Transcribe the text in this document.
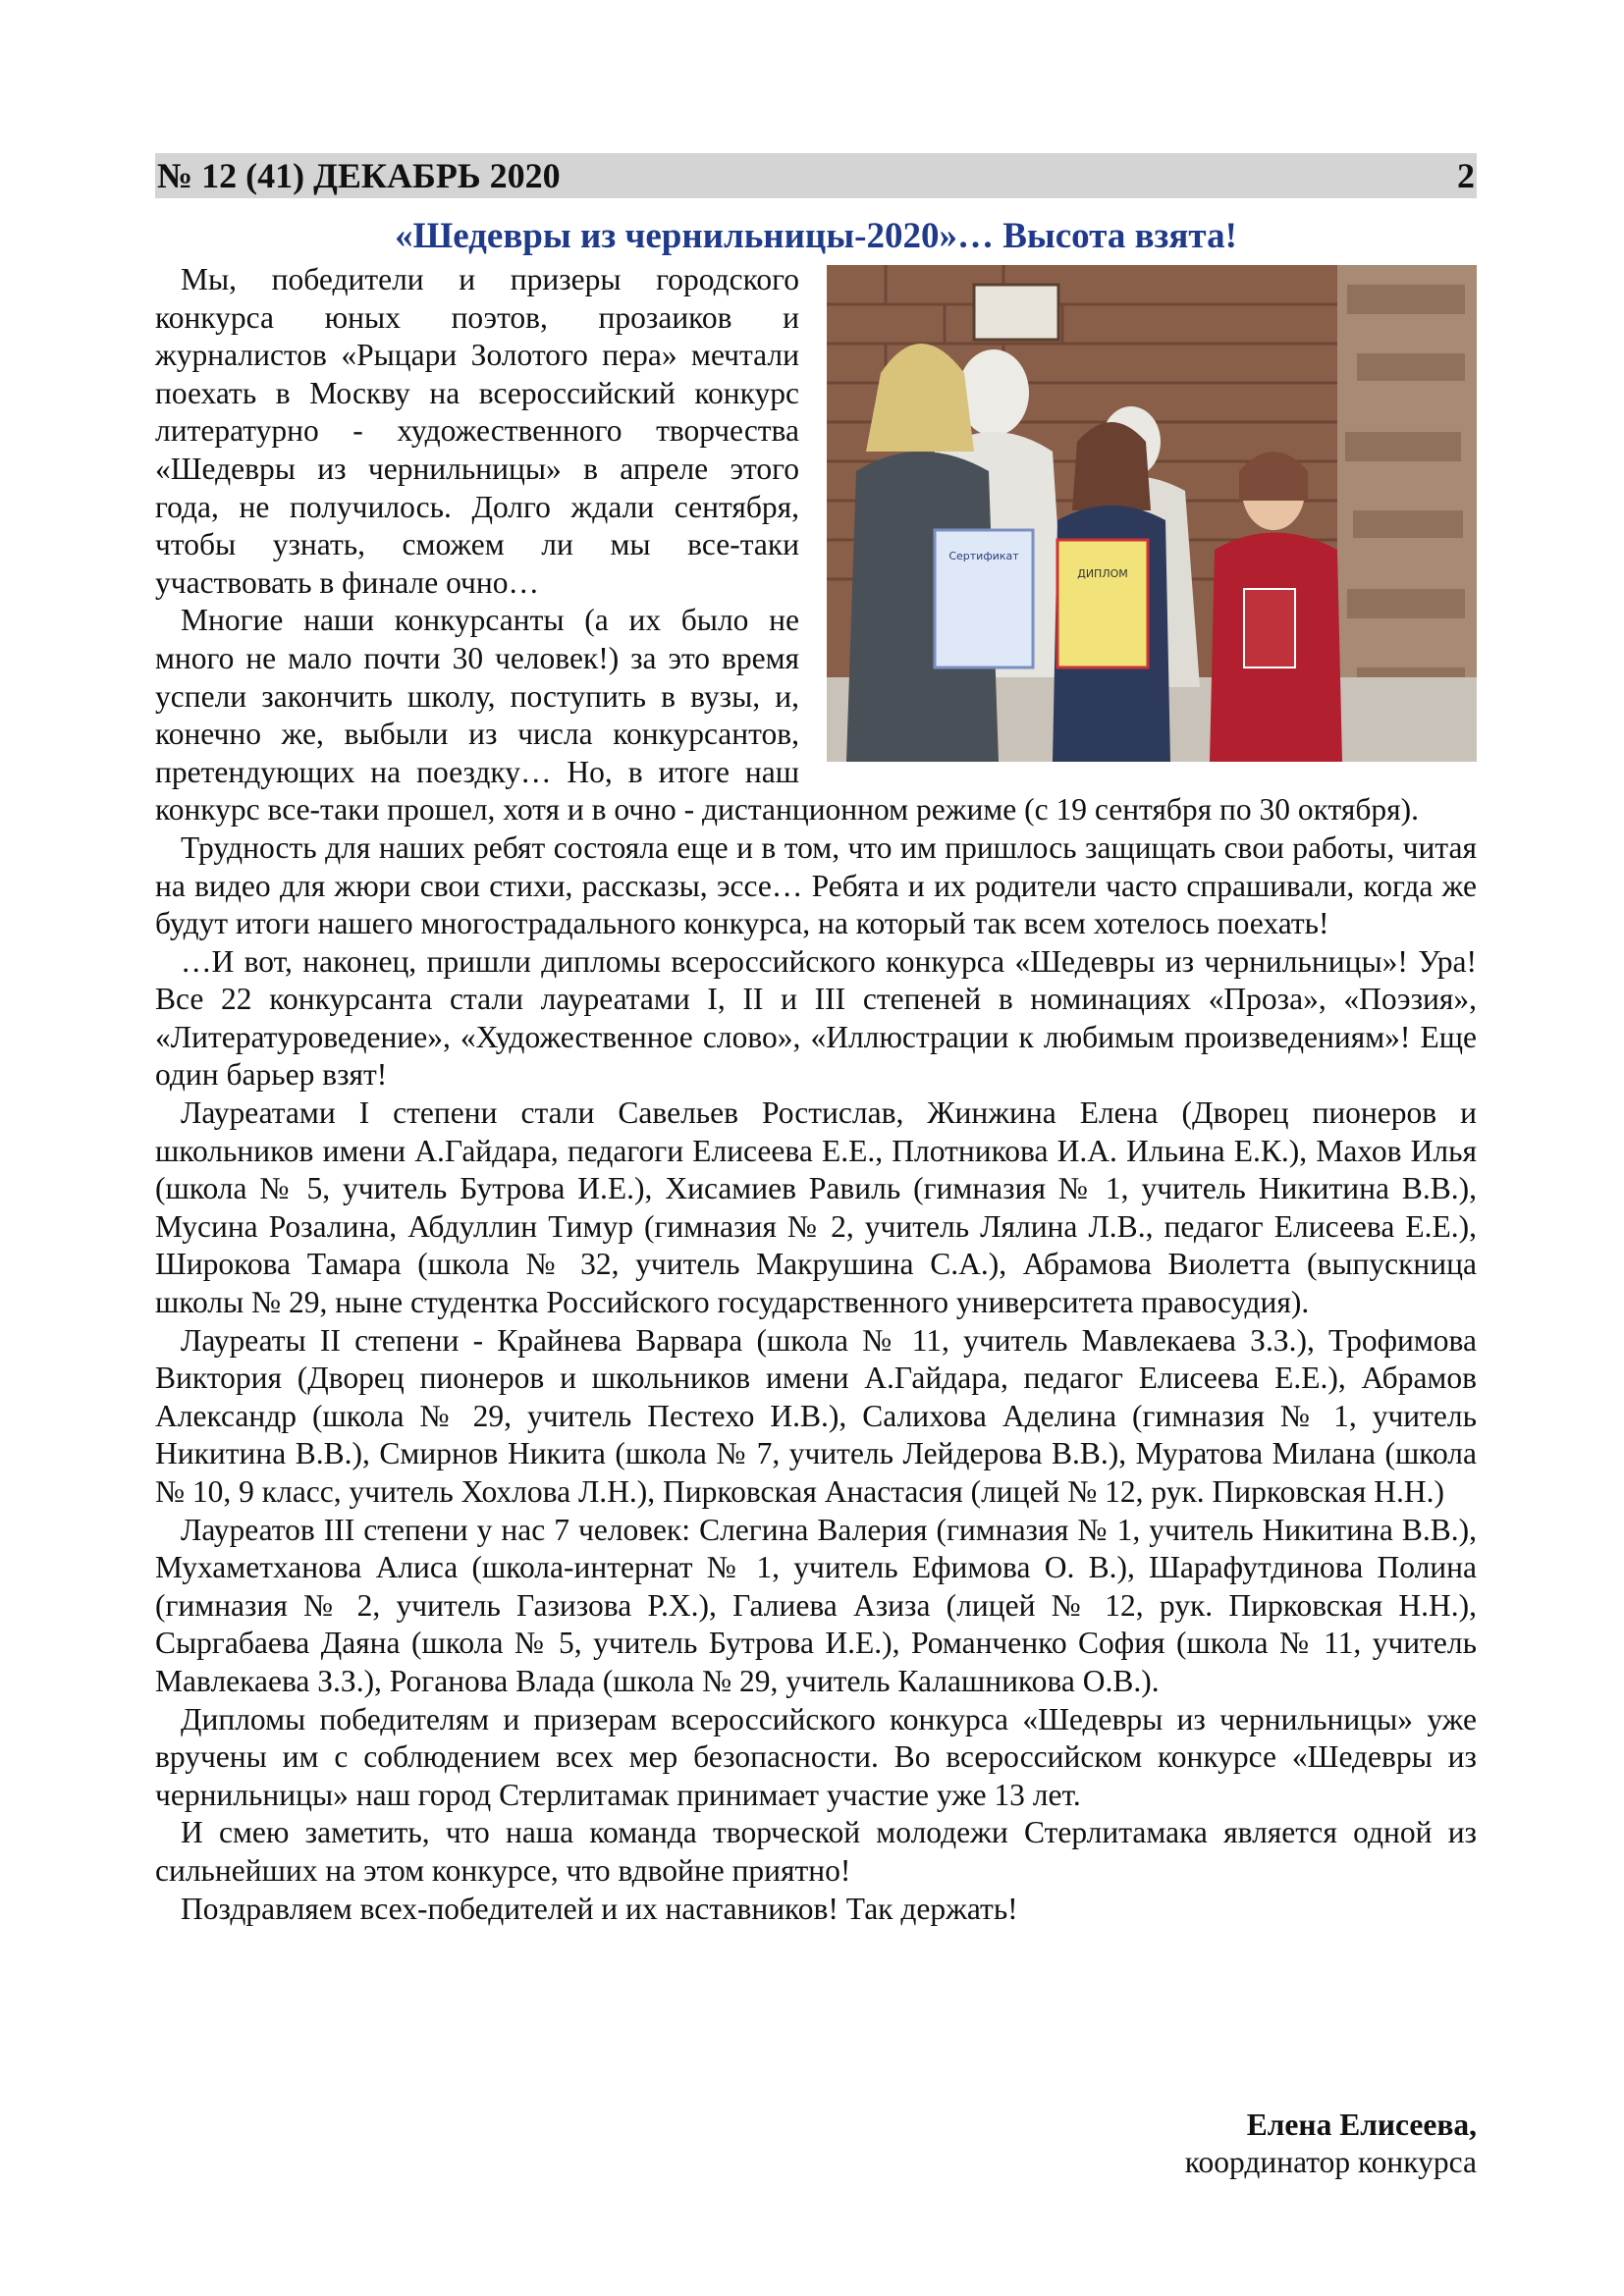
№ 12 (41) ДЕКАБРЬ 2020	2
«Шедевры из чернильницы-2020»… Высота взята!
Сертификат
ДИПЛОМ

Мы, победители и призеры городского конкурса юных поэтов, прозаиков и журналистов «Рыцари Золотого пера» мечтали поехать в Москву на всероссийский конкурс литературно - художественного творчества «Шедевры из чернильницы» в апреле этого года, не получилось. Долго ждали сентября, чтобы узнать, сможем ли мы все-таки участвовать в финале очно…

Многие наши конкурсанты (а их было не много не мало почти 30 человек!) за это время успели закончить школу, поступить в вузы, и, конечно же, выбыли из числа конкурсантов, претендующих на поездку… Но, в итоге наш конкурс все-таки прошел, хотя и в очно - дистанционном режиме (с 19 сентября по 30 октября).

Трудность для наших ребят состояла еще и в том, что им пришлось защищать свои работы, читая на видео для жюри свои стихи, рассказы, эссе… Ребята и их родители часто спрашивали, когда же будут итоги нашего многострадального конкурса, на который так всем хотелось поехать!

…И вот, наконец, пришли дипломы всероссийского конкурса «Шедевры из чернильницы»! Ура! Все 22 конкурсанта стали лауреатами I, II и III степеней в номинациях «Проза», «Поэзия», «Литературоведение», «Художественное слово», «Иллюстрации к любимым произведениям»! Еще один барьер взят!

Лауреатами I степени стали Савельев Ростислав, Жинжина Елена (Дворец пионеров и школьников имени А.Гайдара, педагоги Елисеева Е.Е., Плотникова И.А. Ильина Е.К.), Махов Илья (школа № 5, учитель Бутрова И.Е.), Хисамиев Равиль (гимназия № 1, учитель Никитина В.В.), Мусина Розалина, Абдуллин Тимур (гимназия № 2, учитель Лялина Л.В., педагог Елисеева Е.Е.), Широкова Тамара (школа № 32, учитель Макрушина С.А.), Абрамова Виолетта (выпускница школы № 29, ныне студентка Российского государственного университета правосудия).

Лауреаты II степени - Крайнева Варвара (школа № 11, учитель Мавлекаева З.З.), Трофимова Виктория (Дворец пионеров и школьников имени А.Гайдара, педагог Елисеева Е.Е.), Абрамов Александр (школа № 29, учитель Пестехо И.В.), Салихова Аделина (гимназия № 1, учитель Никитина В.В.), Смирнов Никита (школа № 7, учитель Лейдерова В.В.), Муратова Милана (школа № 10, 9 класс, учитель Хохлова Л.Н.), Пирковская Анастасия (лицей № 12, рук. Пирковская Н.Н.)

Лауреатов III степени у нас 7 человек: Слегина Валерия (гимназия № 1, учитель Никитина В.В.), Мухаметханова Алиса (школа-интернат № 1, учитель Ефимова О. В.), Шарафутдинова Полина (гимназия № 2, учитель Газизова Р.Х.), Галиева Азиза (лицей № 12, рук. Пирковская Н.Н.), Сыргабаева Даяна (школа № 5, учитель Бутрова И.Е.), Романченко София (школа № 11, учитель Мавлекаева З.З.), Роганова Влада (школа № 29, учитель Калашникова О.В.).

Дипломы победителям и призерам всероссийского конкурса «Шедевры из чернильницы» уже вручены им с соблюдением всех мер безопасности. Во всероссийском конкурсе «Шедевры из чернильницы» наш город Стерлитамак принимает участие уже 13 лет.

И смею заметить, что наша команда творческой молодежи Стерлитамака является одной из сильнейших на этом конкурсе, что вдвойне приятно!

Поздравляем всех-победителей и их наставников! Так держать!

Елена Елисеева,
координатор конкурса
